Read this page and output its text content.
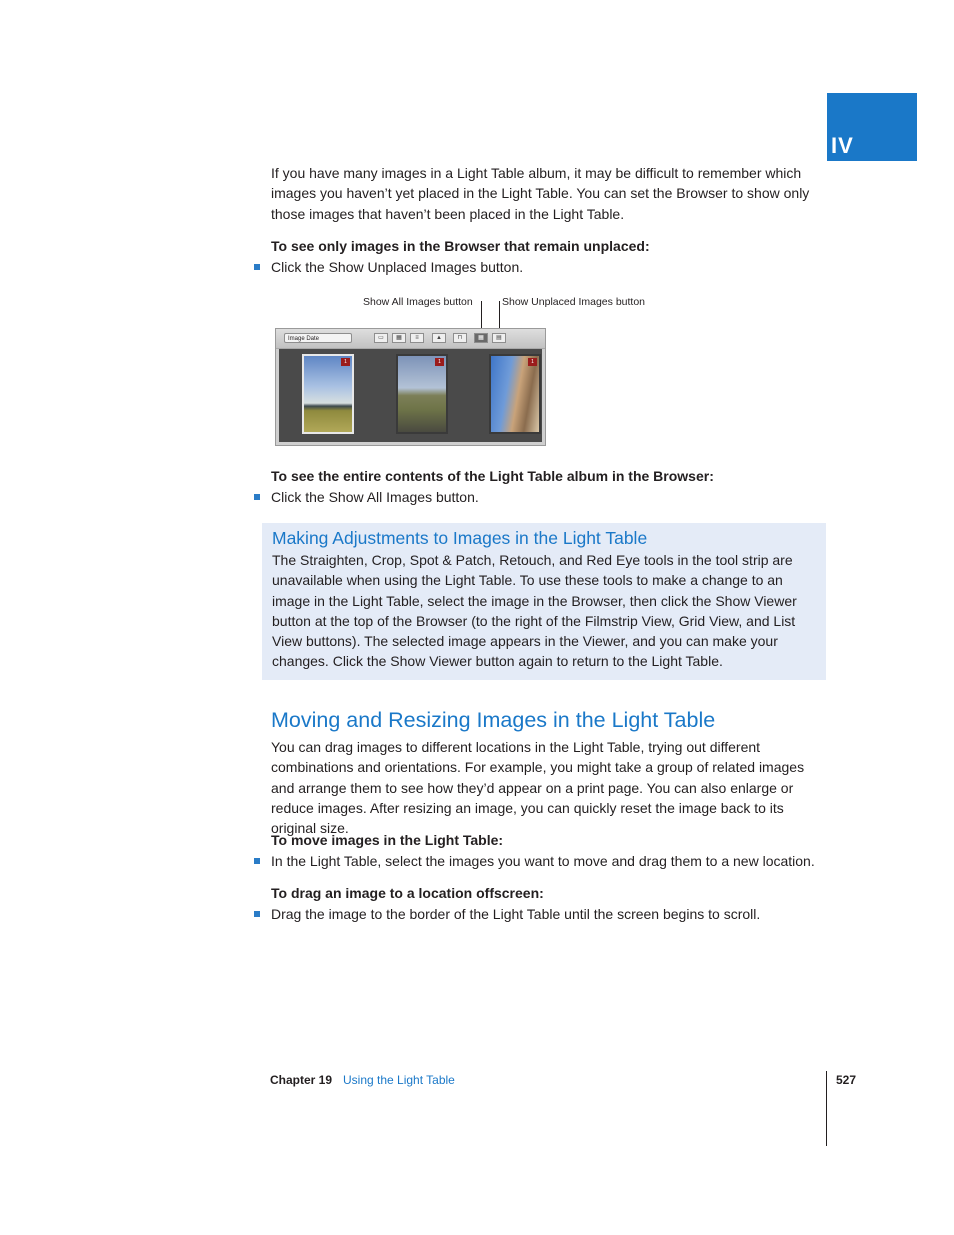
IV

If you have many images in a Light Table album, it may be difficult to remember which images you haven’t yet placed in the Light Table. You can set the Browser to show only those images that haven’t been placed in the Light Table.

To see only images in the Browser that remain unplaced:

Click the Show Unplaced Images button.
Show All Images button	Show Unplaced Images button
Image Date	▭	▦	≡	▲	⊓	▦	▤
1	1	1

To see the entire contents of the Light Table album in the Browser:

Click the Show All Images button.
Making Adjustments to Images in the Light Table

The Straighten, Crop, Spot & Patch, Retouch, and Red Eye tools in the tool strip are unavailable when using the Light Table. To use these tools to make a change to an image in the Light Table, select the image in the Browser, then click the Show Viewer button at the top of the Browser (to the right of the Filmstrip View, Grid View, and List View buttons). The selected image appears in the Viewer, and you can make your changes. Click the Show Viewer button again to return to the Light Table.

Moving and Resizing Images in the Light Table

You can drag images to different locations in the Light Table, trying out different combinations and orientations. For example, you might take a group of related images and arrange them to see how they’d appear on a print page. You can also enlarge or reduce images. After resizing an image, you can quickly reset the image back to its original size.

To move images in the Light Table:

In the Light Table, select the images you want to move and drag them to a new location.

To drag an image to a location offscreen:

Drag the image to the border of the Light Table until the screen begins to scroll.
Chapter 19 Using the Light Table	527
